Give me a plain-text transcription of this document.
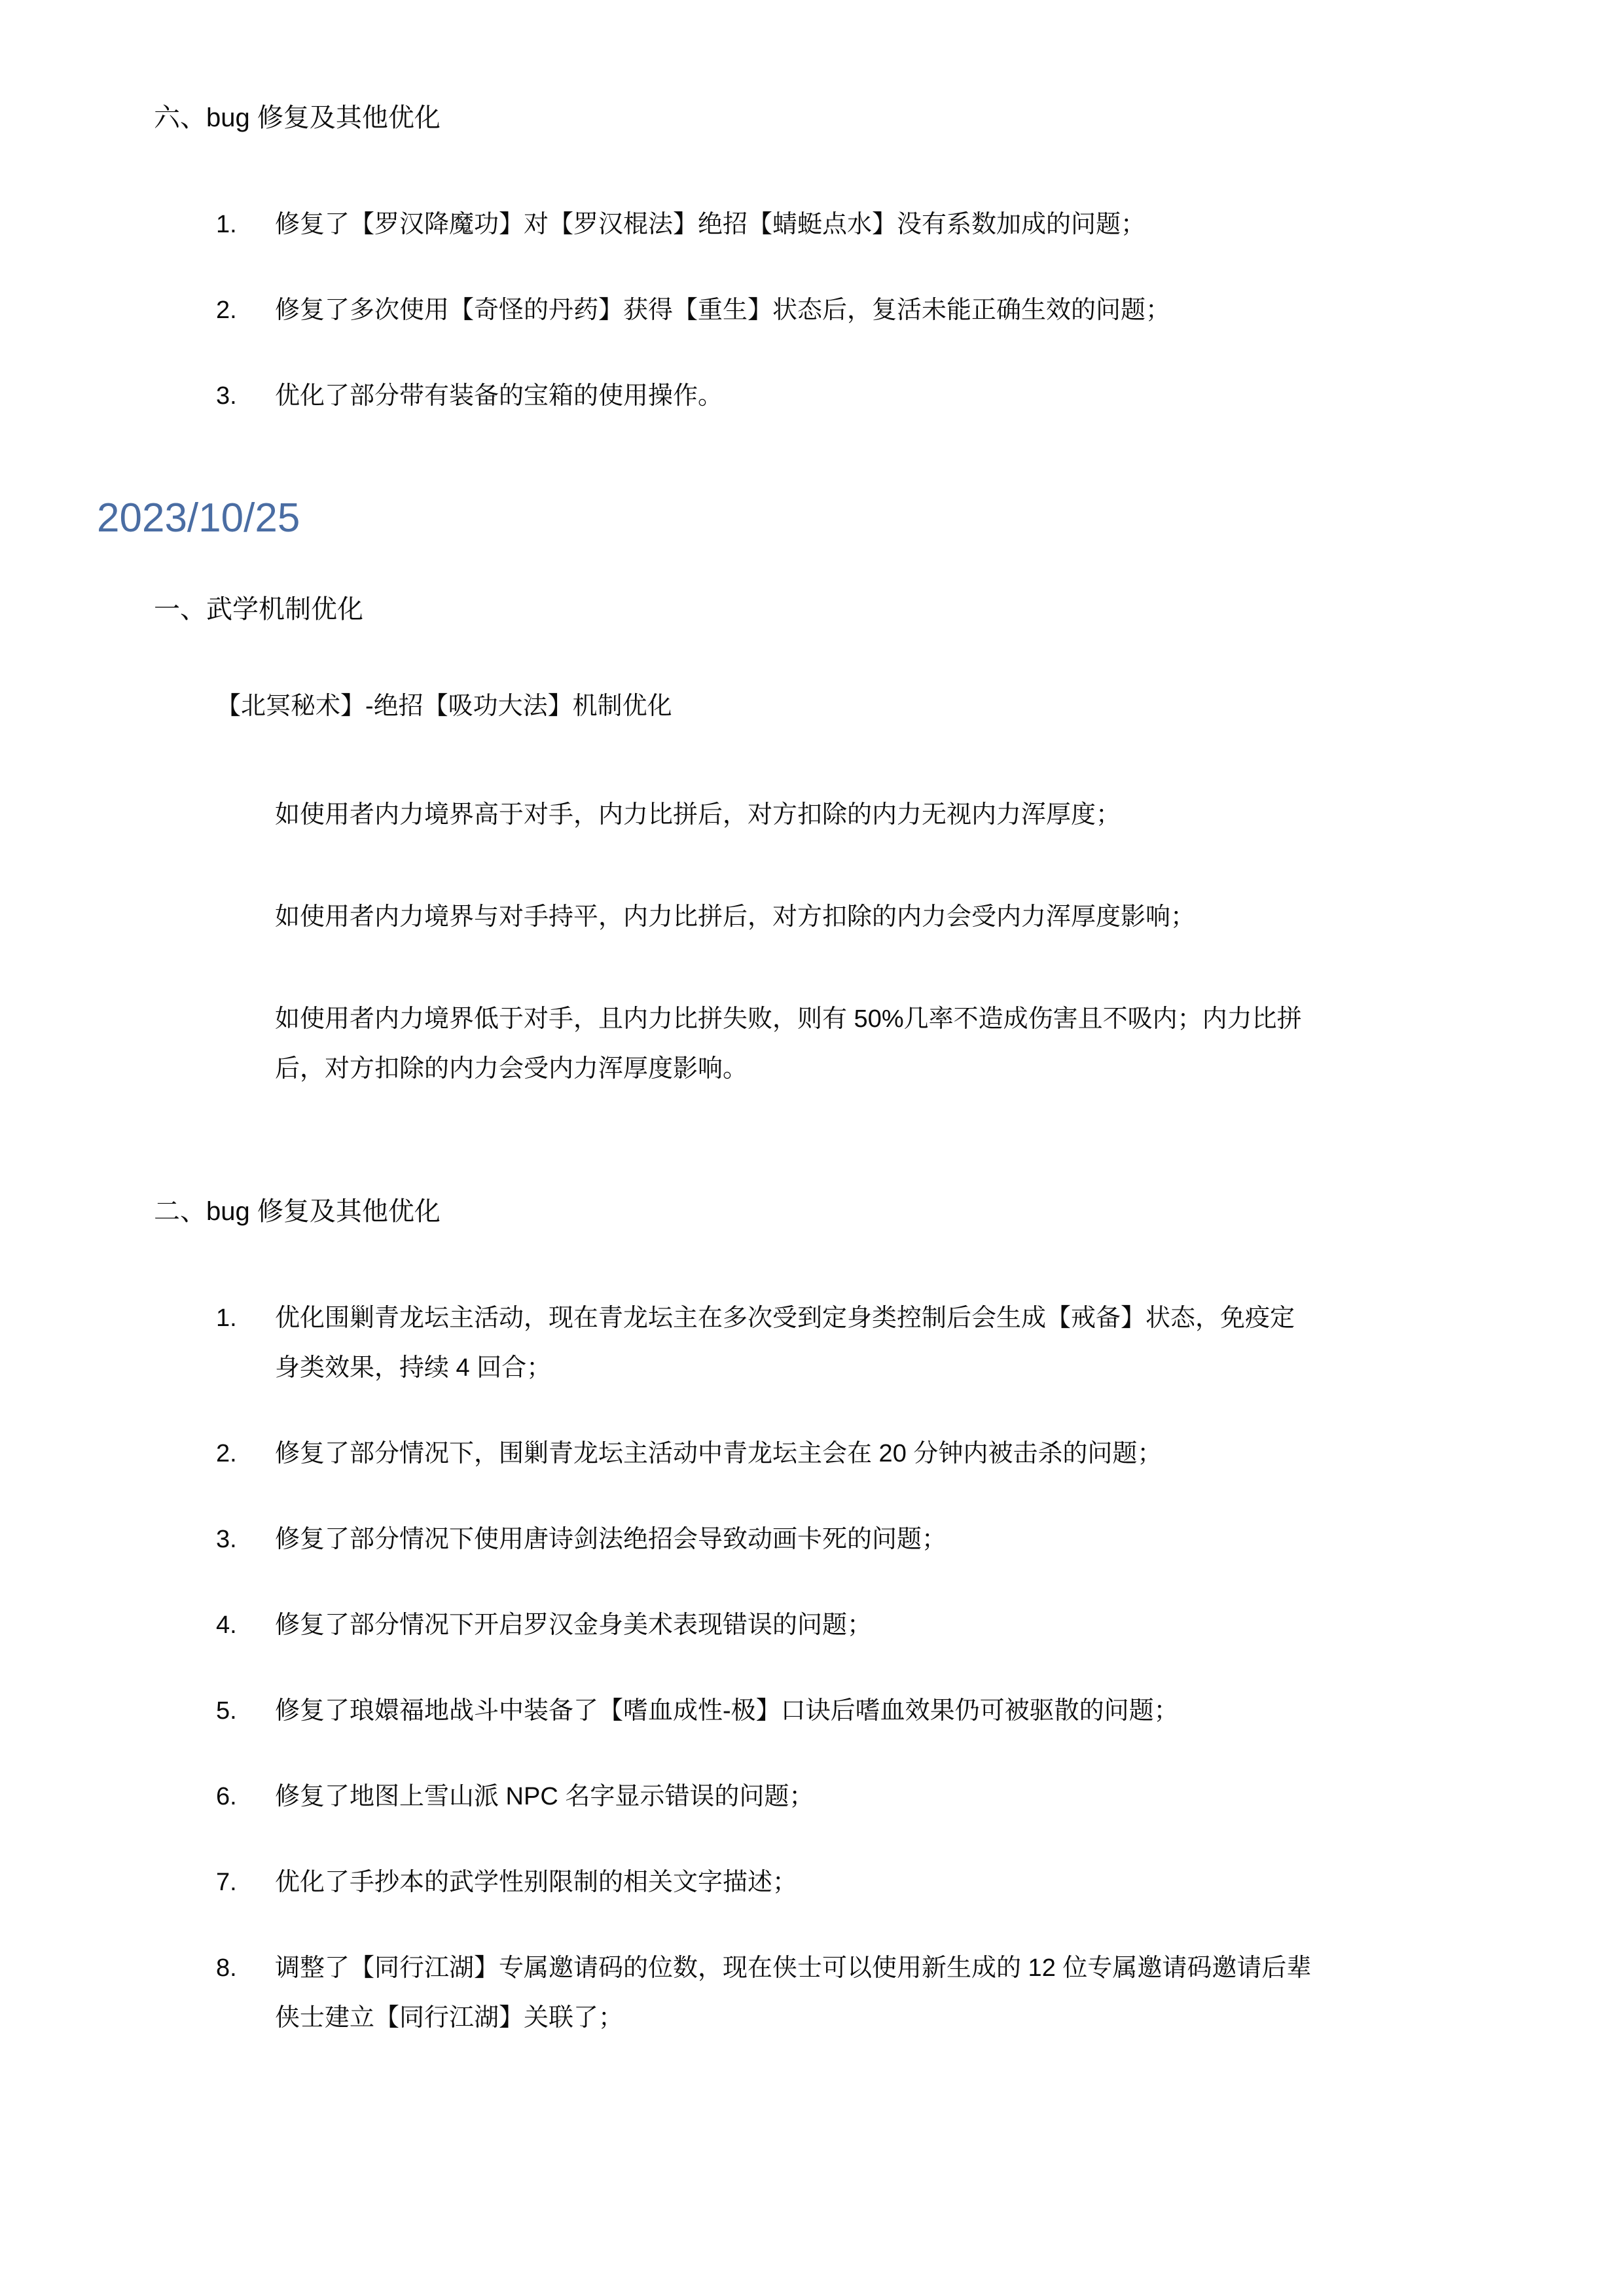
六、bug 修复及其他优化
1.	修复了【罗汉降魔功】对【罗汉棍法】绝招【蜻蜓点水】没有系数加成的问题；
2.	修复了多次使用【奇怪的丹药】获得【重生】状态后，复活未能正确生效的问题；
3.	优化了部分带有装备的宝箱的使用操作。
2023/10/25
一、武学机制优化

【北冥秘术】-绝招【吸功大法】机制优化

如使用者内力境界高于对手，内力比拼后，对方扣除的内力无视内力浑厚度；

如使用者内力境界与对手持平，内力比拼后，对方扣除的内力会受内力浑厚度影响；

如使用者内力境界低于对手，且内力比拼失败，则有 50%几率不造成伤害且不吸内；内力比拼
后，对方扣除的内力会受内力浑厚度影响。

二、bug 修复及其他优化
1.	优化围剿青龙坛主活动，现在青龙坛主在多次受到定身类控制后会生成【戒备】状态，免疫定
身类效果，持续 4 回合；
2.	修复了部分情况下，围剿青龙坛主活动中青龙坛主会在 20 分钟内被击杀的问题；
3.	修复了部分情况下使用唐诗剑法绝招会导致动画卡死的问题；
4.	修复了部分情况下开启罗汉金身美术表现错误的问题；
5.	修复了琅嬛福地战斗中装备了【嗜血成性-极】口诀后嗜血效果仍可被驱散的问题；
6.	修复了地图上雪山派 NPC 名字显示错误的问题；
7.	优化了手抄本的武学性别限制的相关文字描述；
8.	调整了【同行江湖】专属邀请码的位数，现在侠士可以使用新生成的 12 位专属邀请码邀请后辈
侠士建立【同行江湖】关联了；
